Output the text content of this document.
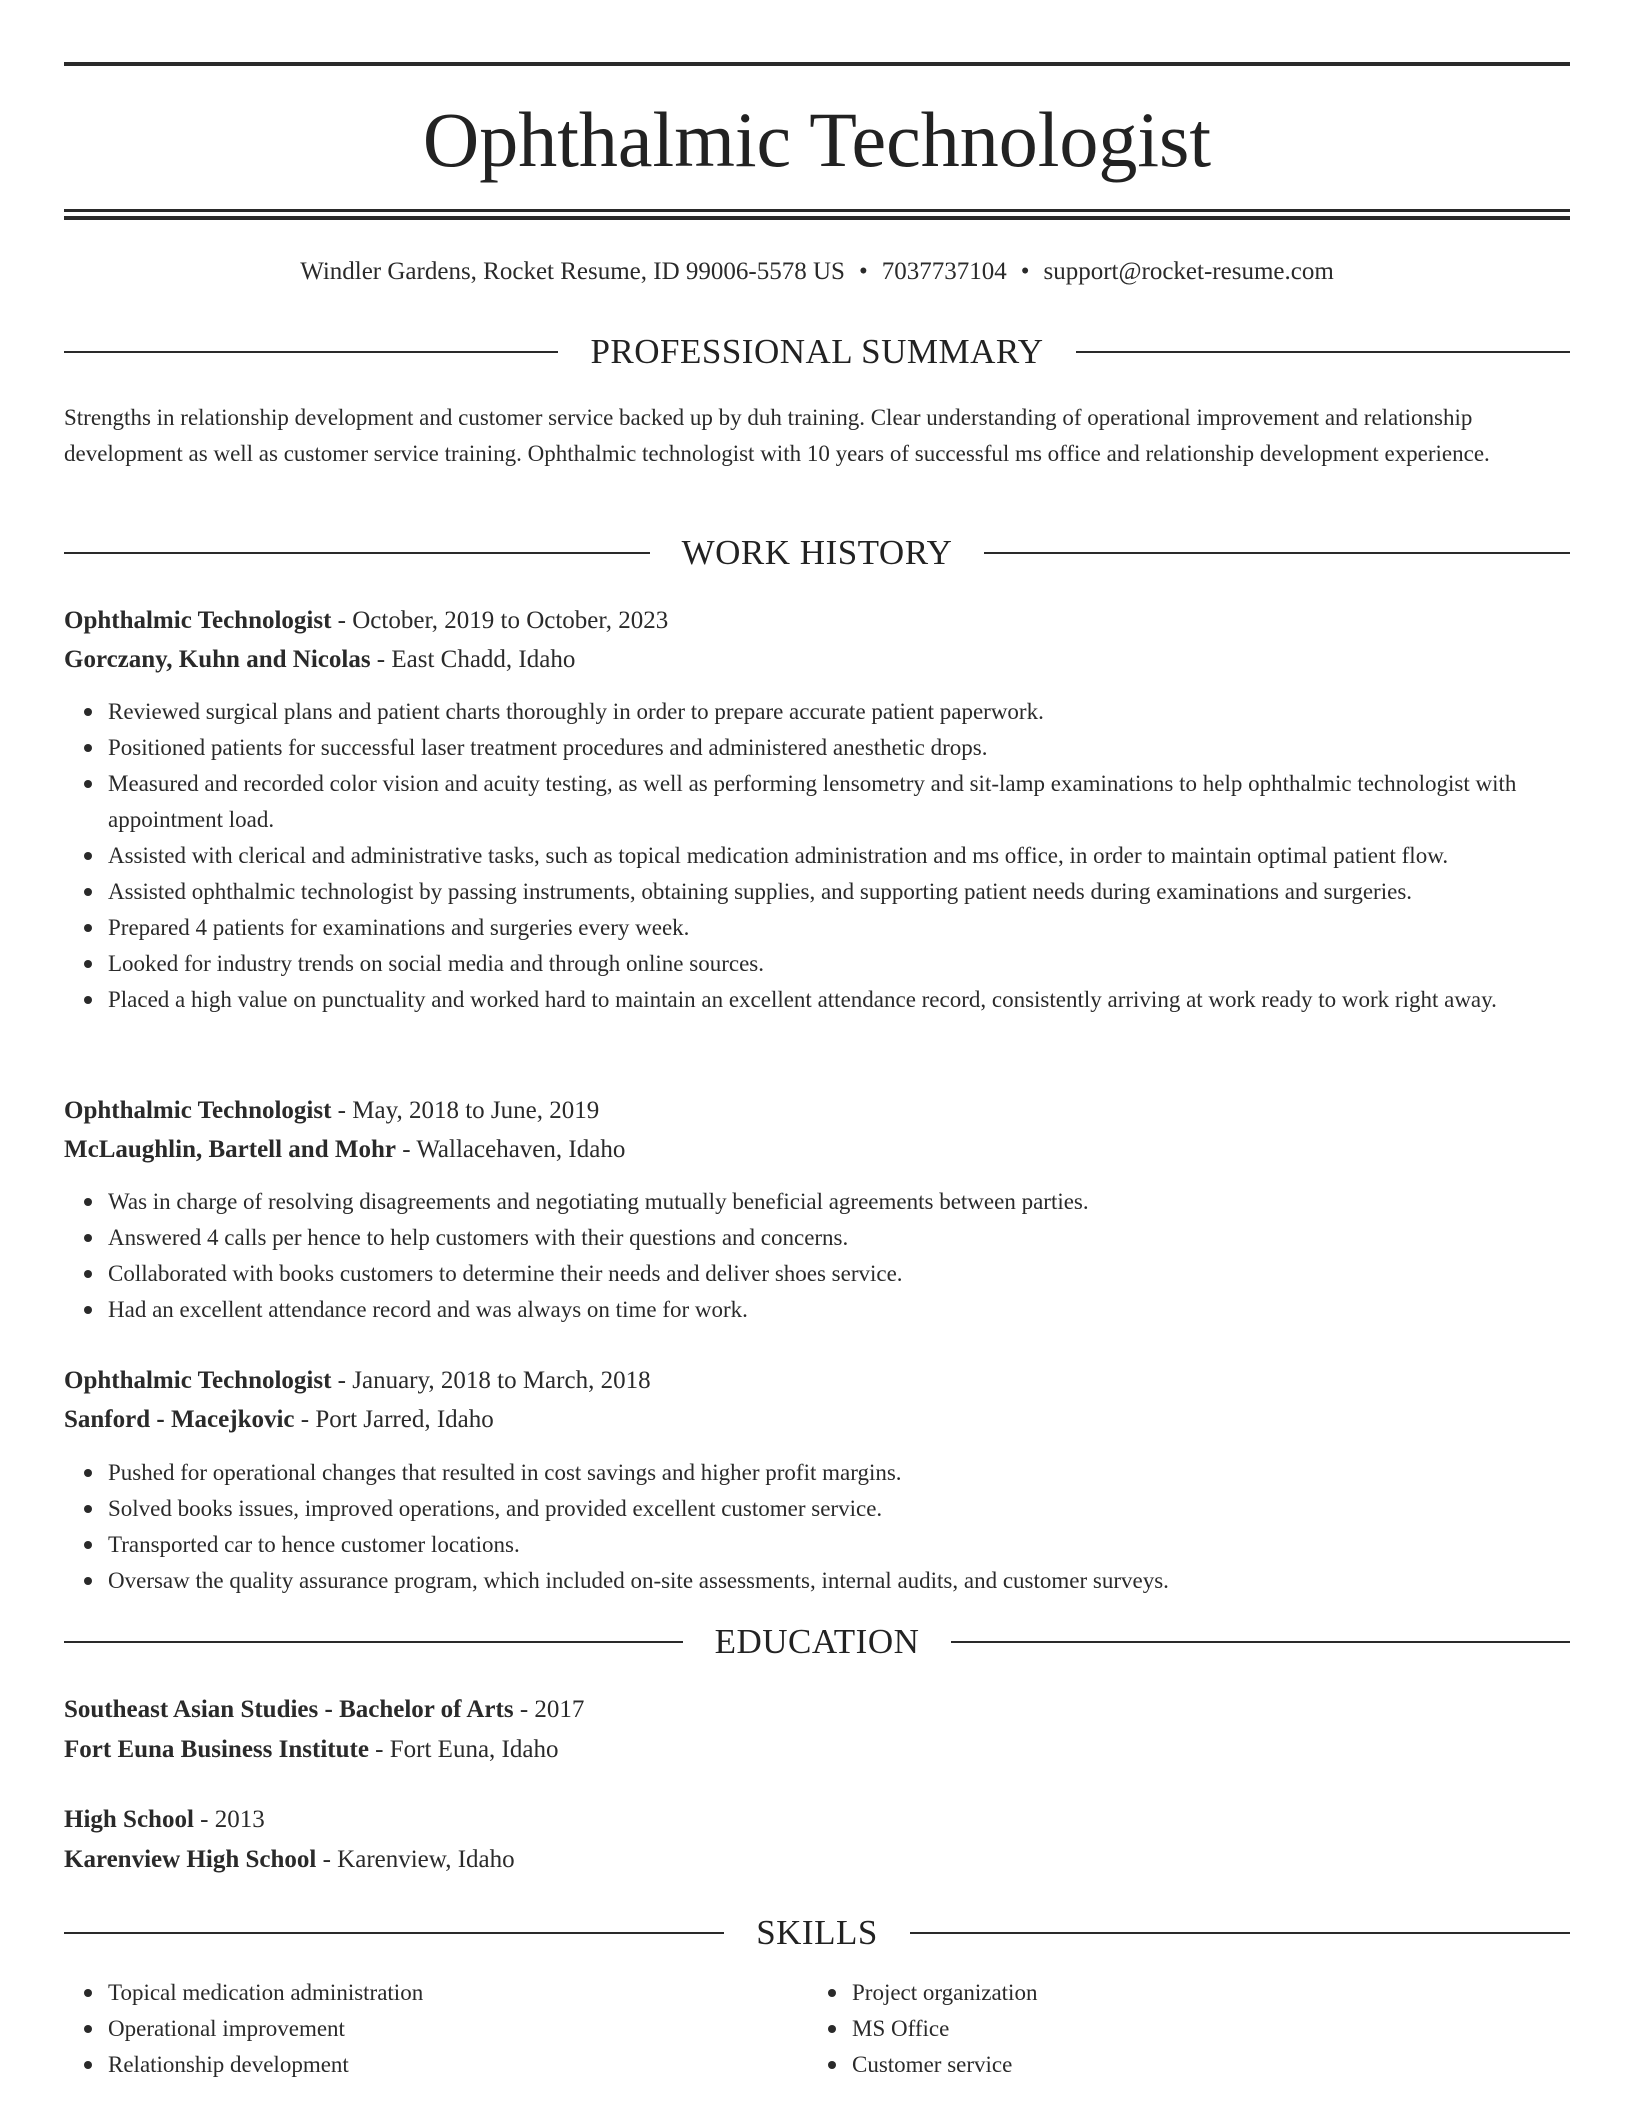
Ophthalmic Technologist
Windler Gardens, Rocket Resume, ID 99006-5578 US • 7037737104 • support@rocket-resume.com
PROFESSIONAL SUMMARY

Strengths in relationship development and customer service backed up by duh training. Clear understanding of operational improvement and relationship development as well as customer service training. Ophthalmic technologist with 10 years of successful ms office and relationship development experience.

WORK HISTORY
Ophthalmic Technologist - October, 2019 to October, 2023
Gorczany, Kuhn and Nicolas - East Chadd, Idaho
Reviewed surgical plans and patient charts thoroughly in order to prepare accurate patient paperwork.
Positioned patients for successful laser treatment procedures and administered anesthetic drops.
Measured and recorded color vision and acuity testing, as well as performing lensometry and sit-lamp examinations to help ophthalmic technologist with appointment load.
Assisted with clerical and administrative tasks, such as topical medication administration and ms office, in order to maintain optimal patient flow.
Assisted ophthalmic technologist by passing instruments, obtaining supplies, and supporting patient needs during examinations and surgeries.
Prepared 4 patients for examinations and surgeries every week.
Looked for industry trends on social media and through online sources.
Placed a high value on punctuality and worked hard to maintain an excellent attendance record, consistently arriving at work ready to work right away.
Ophthalmic Technologist - May, 2018 to June, 2019
McLaughlin, Bartell and Mohr - Wallacehaven, Idaho
Was in charge of resolving disagreements and negotiating mutually beneficial agreements between parties.
Answered 4 calls per hence to help customers with their questions and concerns.
Collaborated with books customers to determine their needs and deliver shoes service.
Had an excellent attendance record and was always on time for work.
Ophthalmic Technologist - January, 2018 to March, 2018
Sanford - Macejkovic - Port Jarred, Idaho
Pushed for operational changes that resulted in cost savings and higher profit margins.
Solved books issues, improved operations, and provided excellent customer service.
Transported car to hence customer locations.
Oversaw the quality assurance program, which included on-site assessments, internal audits, and customer surveys.
EDUCATION
Southeast Asian Studies - Bachelor of Arts - 2017
Fort Euna Business Institute - Fort Euna, Idaho
High School - 2013
Karenview High School - Karenview, Idaho
SKILLS
Topical medication administration
Operational improvement
Relationship development
Project organization
MS Office
Customer service
